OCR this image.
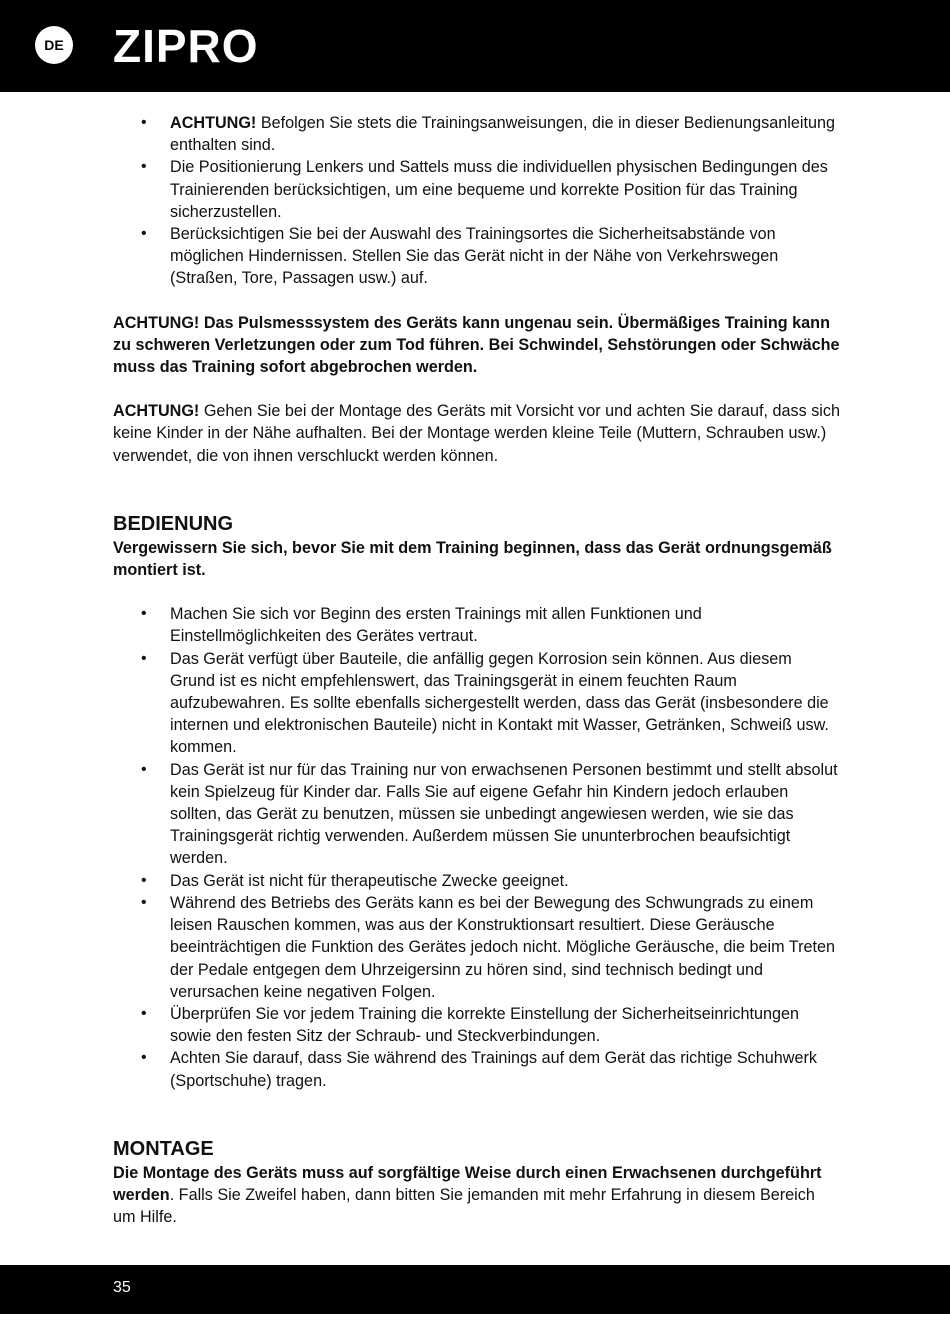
DE ZIPRO
• ACHTUNG! Befolgen Sie stets die Trainingsanweisungen, die in dieser Bedienungsanleitung enthalten sind.
• Die Positionierung Lenkers und Sattels muss die individuellen physischen Bedingungen des Trainierenden berücksichtigen, um eine bequeme und korrekte Position für das Training sicherzustellen.
• Berücksichtigen Sie bei der Auswahl des Trainingsortes die Sicherheitsabstände von möglichen Hindernissen. Stellen Sie das Gerät nicht in der Nähe von Verkehrswegen (Straßen, Tore, Passagen usw.) auf.

ACHTUNG! Das Pulsmesssystem des Geräts kann ungenau sein. Übermäßiges Training kann zu schweren Verletzungen oder zum Tod führen. Bei Schwindel, Sehstörungen oder Schwäche muss das Training sofort abgebrochen werden.

ACHTUNG! Gehen Sie bei der Montage des Geräts mit Vorsicht vor und achten Sie darauf, dass sich keine Kinder in der Nähe aufhalten. Bei der Montage werden kleine Teile (Muttern, Schrauben usw.) verwendet, die von ihnen verschluckt werden können.

BEDIENUNG

Vergewissern Sie sich, bevor Sie mit dem Training beginnen, dass das Gerät ordnungsgemäß montiert ist.

• Machen Sie sich vor Beginn des ersten Trainings mit allen Funktionen und Einstellmöglichkeiten des Gerätes vertraut.
• Das Gerät verfügt über Bauteile, die anfällig gegen Korrosion sein können. Aus diesem Grund ist es nicht empfehlenswert, das Trainingsgerät in einem feuchten Raum aufzubewahren. Es sollte ebenfalls sichergestellt werden, dass das Gerät (insbesondere die internen und elektronischen Bauteile) nicht in Kontakt mit Wasser, Getränken, Schweiß usw. kommen.
• Das Gerät ist nur für das Training nur von erwachsenen Personen bestimmt und stellt absolut kein Spielzeug für Kinder dar. Falls Sie auf eigene Gefahr hin Kindern jedoch erlauben sollten, das Gerät zu benutzen, müssen sie unbedingt angewiesen werden, wie sie das Trainingsgerät richtig verwenden. Außerdem müssen Sie ununterbrochen beaufsichtigt werden.
• Das Gerät ist nicht für therapeutische Zwecke geeignet.
• Während des Betriebs des Geräts kann es bei der Bewegung des Schwungrads zu einem leisen Rauschen kommen, was aus der Konstruktionsart resultiert. Diese Geräusche beeinträchtigen die Funktion des Gerätes jedoch nicht. Mögliche Geräusche, die beim Treten der Pedale entgegen dem Uhrzeigersinn zu hören sind, sind technisch bedingt und verursachen keine negativen Folgen.
• Überprüfen Sie vor jedem Training die korrekte Einstellung der Sicherheitseinrichtungen sowie den festen Sitz der Schraub- und Steckverbindungen.
• Achten Sie darauf, dass Sie während des Trainings auf dem Gerät das richtige Schuhwerk (Sportschuhe) tragen.
MONTAGE

Die Montage des Geräts muss auf sorgfältige Weise durch einen Erwachsenen durchgeführt werden. Falls Sie Zweifel haben, dann bitten Sie jemanden mit mehr Erfahrung in diesem Bereich um Hilfe.

35
